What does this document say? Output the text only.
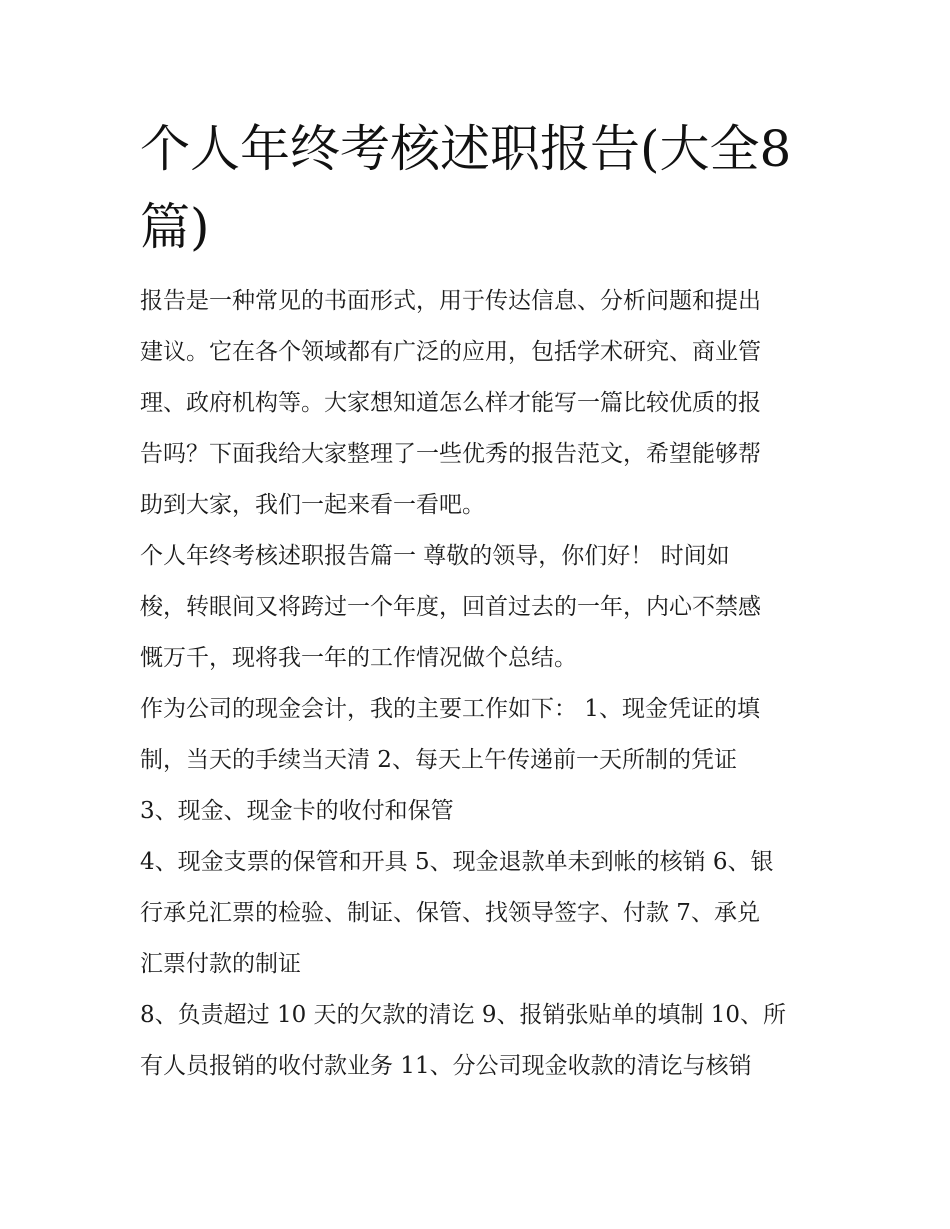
个人年终考核述职报告(大全8
篇)
报告是一种常见的书面形式，用于传达信息、分析问题和提出
建议。它在各个领域都有广泛的应用，包括学术研究、商业管
理、政府机构等。大家想知道怎么样才能写一篇比较优质的报
告吗？下面我给大家整理了一些优秀的报告范文，希望能够帮
助到大家，我们一起来看一看吧。
个人年终考核述职报告篇一 尊敬的领导，你们好！ 时间如
梭，转眼间又将跨过一个年度，回首过去的一年，内心不禁感
慨万千，现将我一年的工作情况做个总结。
作为公司的现金会计，我的主要工作如下： 1、现金凭证的填
制，当天的手续当天清 2、每天上午传递前一天所制的凭证
3、现金、现金卡的收付和保管
4、现金支票的保管和开具 5、现金退款单未到帐的核销 6、银
行承兑汇票的检验、制证、保管、找领导签字、付款 7、承兑
汇票付款的制证
8、负责超过 10 天的欠款的清讫 9、报销张贴单的填制 10、所
有人员报销的收付款业务 11、分公司现金收款的清讫与核销
